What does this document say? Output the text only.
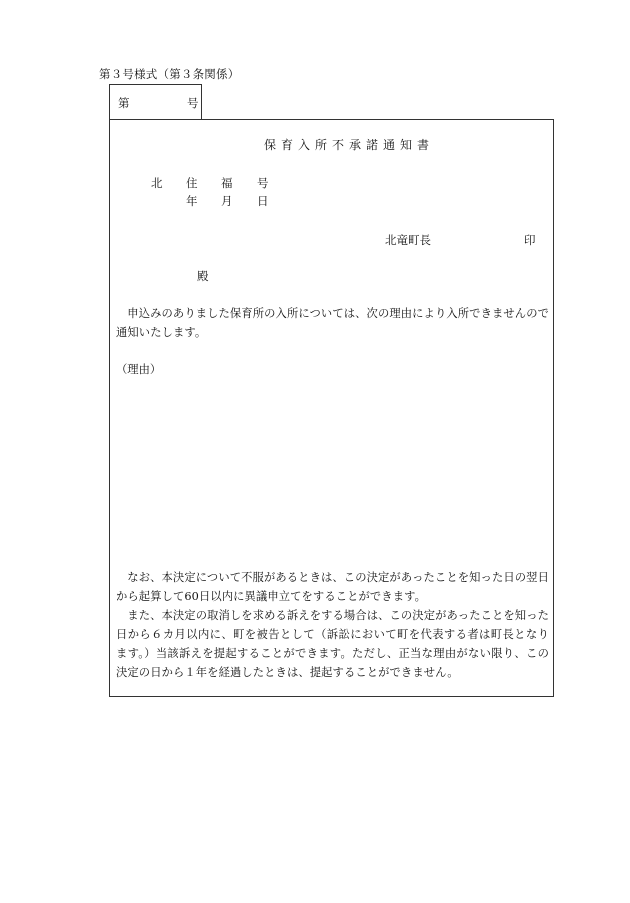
第３号様式（第３条関係）
第	号
保育入所不承諾通知書
北 住 福 号
年 月 日
北竜町長	印
殿
申込みのありました保育所の入所については、次の理由により入所できませんので通知いたします。
（理由）
なお、本決定について不服があるときは、この決定があったことを知った日の翌日から起算して60日以内に異議申立てをすることができます。
また、本決定の取消しを求める訴えをする場合は、この決定があったことを知った日から６カ月以内に、町を被告として（訴訟において町を代表する者は町長となります。）当該訴えを提起することができます。ただし、正当な理由がない限り、この決定の日から１年を経過したときは、提起することができません。
